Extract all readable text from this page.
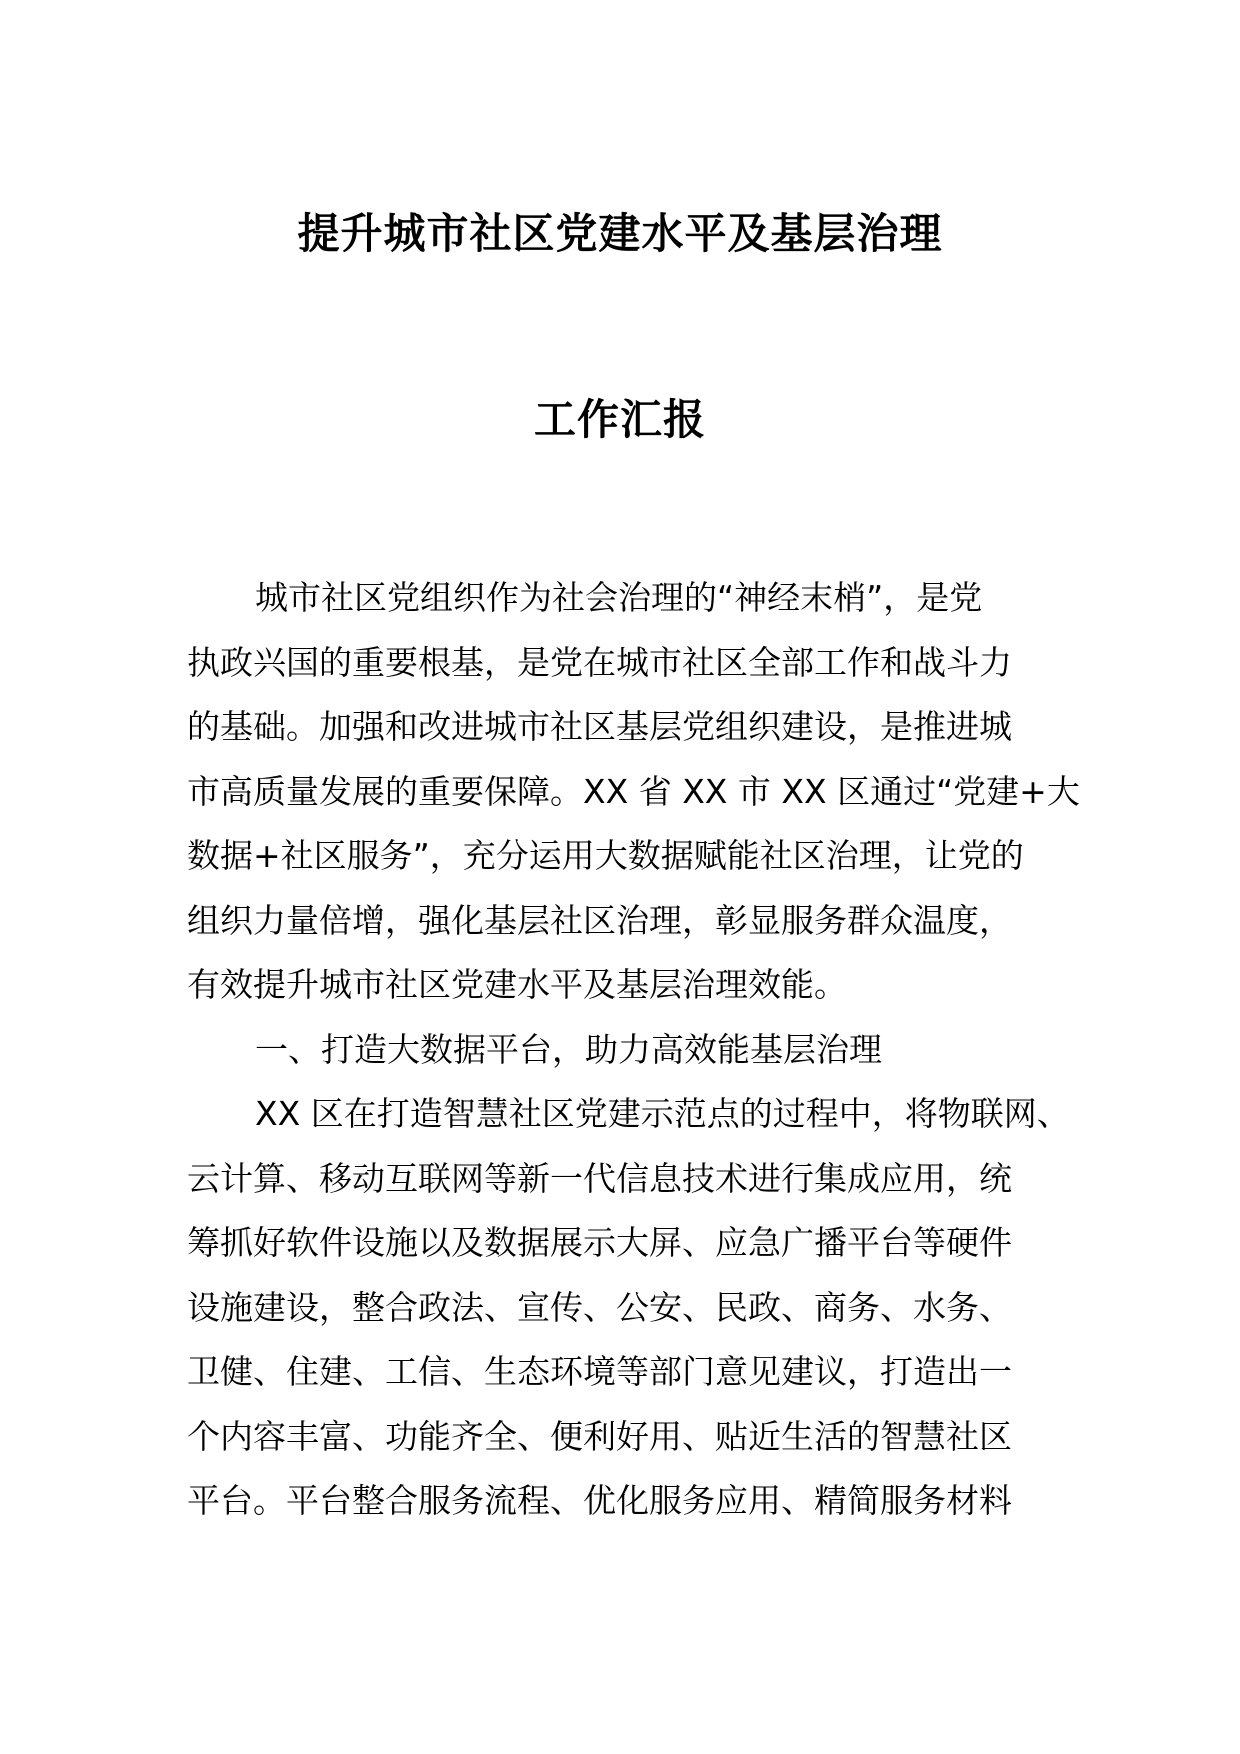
提升城市社区党建水平及基层治理
工作汇报
城市社区党组织作为社会治理的“神经末梢”，是党
执政兴国的重要根基，是党在城市社区全部工作和战斗力
的基础。加强和改进城市社区基层党组织建设，是推进城
市高质量发展的重要保障。XX 省 XX 市 XX 区通过“党建+大
数据+社区服务”，充分运用大数据赋能社区治理，让党的
组织力量倍增，强化基层社区治理，彰显服务群众温度，
有效提升城市社区党建水平及基层治理效能。
一、打造大数据平台，助力高效能基层治理
XX 区在打造智慧社区党建示范点的过程中，将物联网、
云计算、移动互联网等新一代信息技术进行集成应用，统
筹抓好软件设施以及数据展示大屏、应急广播平台等硬件
设施建设，整合政法、宣传、公安、民政、商务、水务、
卫健、住建、工信、生态环境等部门意见建议，打造出一
个内容丰富、功能齐全、便利好用、贴近生活的智慧社区
平台。平台整合服务流程、优化服务应用、精简服务材料
